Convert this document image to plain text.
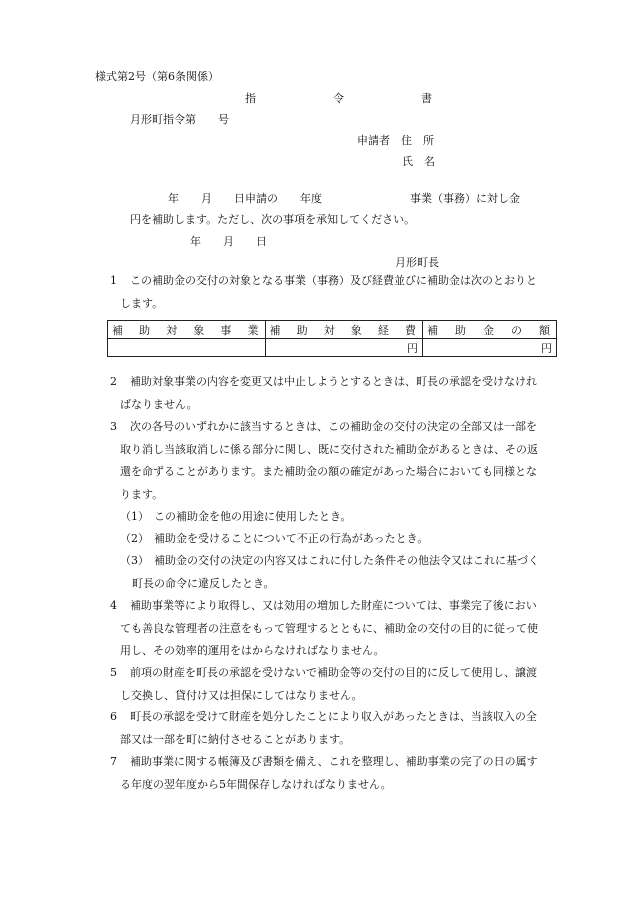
様式第2号（第6条関係）
指　　　　　　　令　　　　　　　書
月形町指令第　　号
申請者　住　所
氏　名
年　　月　　日申請の　　年度　　　　　　　　事業（事務）に対し金
円を補助します。ただし、次の事項を承知してください。
年　　月　　日
月形町長
1 この補助金の交付の対象となる事業（事務）及び経費並びに補助金は次のとおりと
します。
補助対象事業	補助対象経費	補助金の額
	円	円
2 補助対象事業の内容を変更又は中止しようとするときは、町長の承認を受けなけれ
ばなりません。
3 次の各号のいずれかに該当するときは、この補助金の交付の決定の全部又は一部を
取り消し当該取消しに係る部分に関し、既に交付された補助金があるときは、その返
還を命ずることがあります。また補助金の額の確定があった場合においても同様とな
ります。
（1） この補助金を他の用途に使用したとき。
（2） 補助金を受けることについて不正の行為があったとき。
（3） 補助金の交付の決定の内容又はこれに付した条件その他法令又はこれに基づく
町長の命令に違反したとき。
4 補助事業等により取得し、又は効用の増加した財産については、事業完了後におい
ても善良な管理者の注意をもって管理するとともに、補助金の交付の目的に従って使
用し、その効率的運用をはからなければなりません。
5 前項の財産を町長の承認を受けないで補助金等の交付の目的に反して使用し、譲渡
し交換し、貸付け又は担保にしてはなりません。
6 町長の承認を受けて財産を処分したことにより収入があったときは、当該収入の全
部又は一部を町に納付させることがあります。
7 補助事業に関する帳簿及び書類を備え、これを整理し、補助事業の完了の日の属す
る年度の翌年度から5年間保存しなければなりません。
